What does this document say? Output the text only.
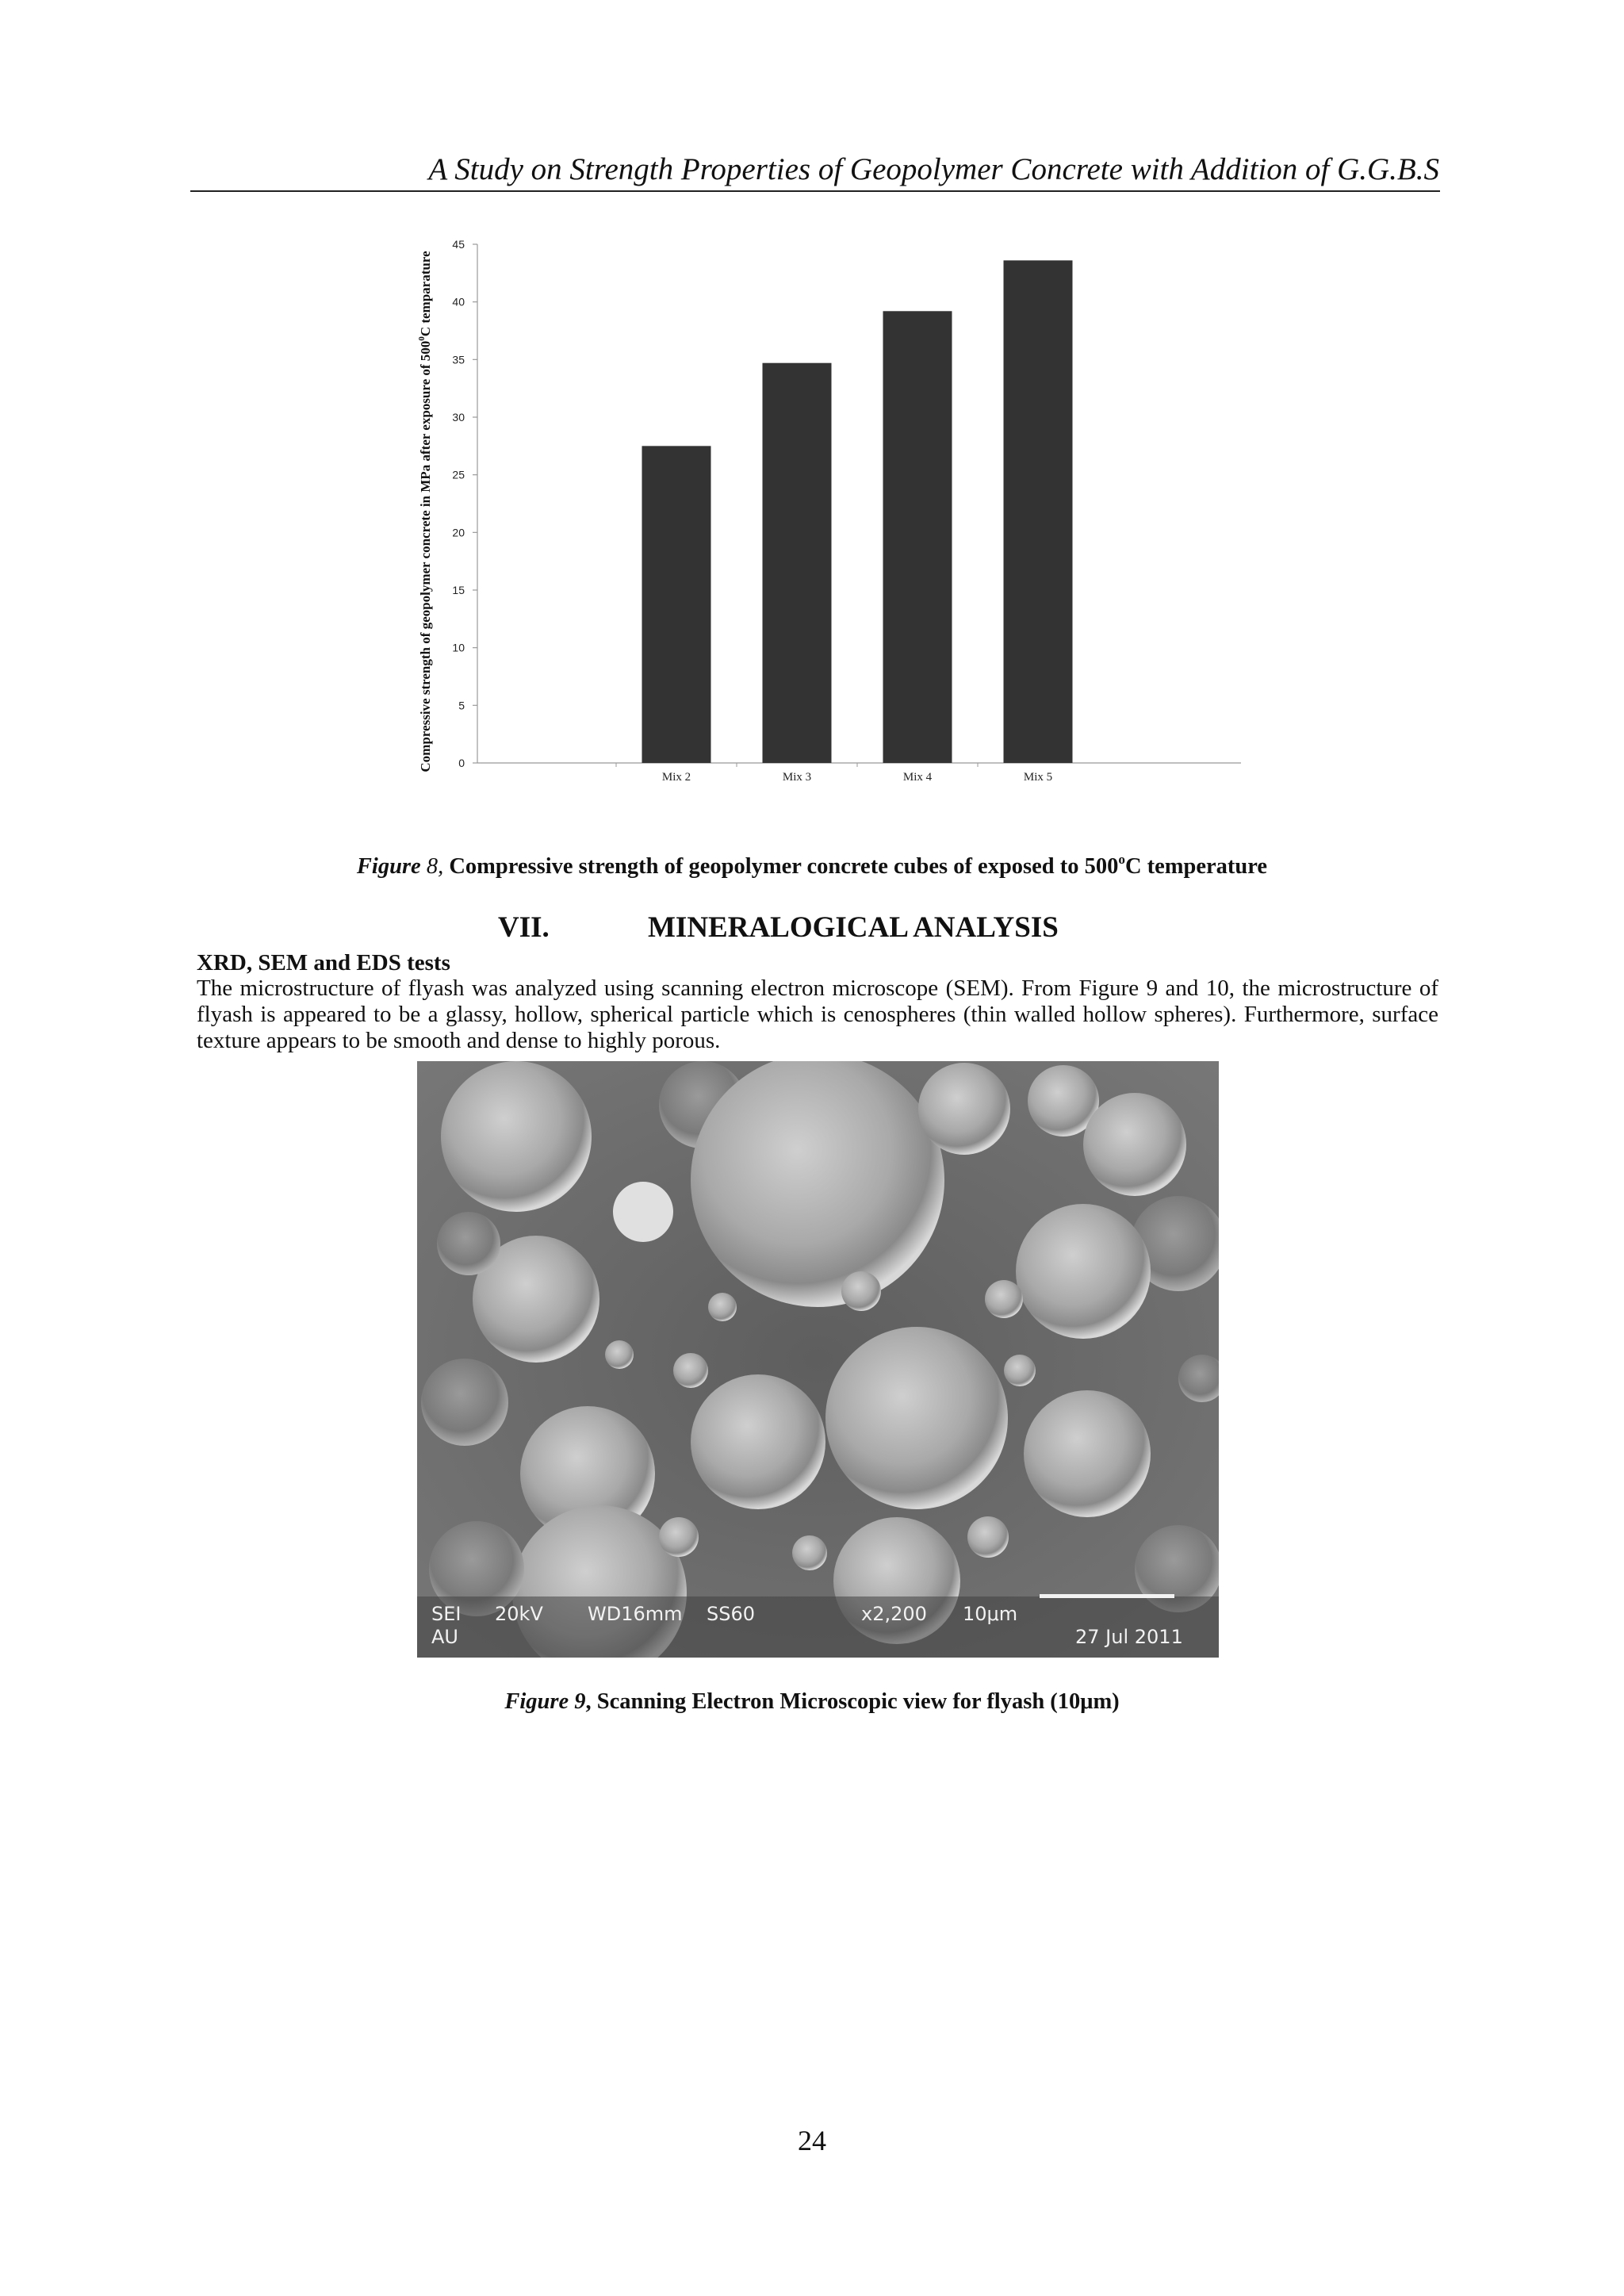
A Study on Strength Properties of Geopolymer Concrete with Addition of G.G.B.S
Compressive strength of geopolymer concrete in MPa after exposure of $500^0C$ temparature
0
5
10
15
20
25
30
35
40
45
Mix 2	Mix 3	Mix 4	Mix 5
Figure 8, Compressive strength of geopolymer concrete cubes of exposed to 500$^o$C temperature
VII.	MINERALOGICAL ANALYSIS
XRD, SEM and EDS tests
The microstructure of flyash was analyzed using scanning electron microscope (SEM). From Figure 9 and 10, the microstructure of flyash is appeared to be a glassy, hollow, spherical particle which is cenospheres (thin walled hollow spheres). Furthermore, surface texture appears to be smooth and dense to highly porous.
SEI
AU
20kV WD16mm SS60	x2,200 10μm
27 Jul 2011
Figure 9, Scanning Electron Microscopic view for flyash (10μm)
24
